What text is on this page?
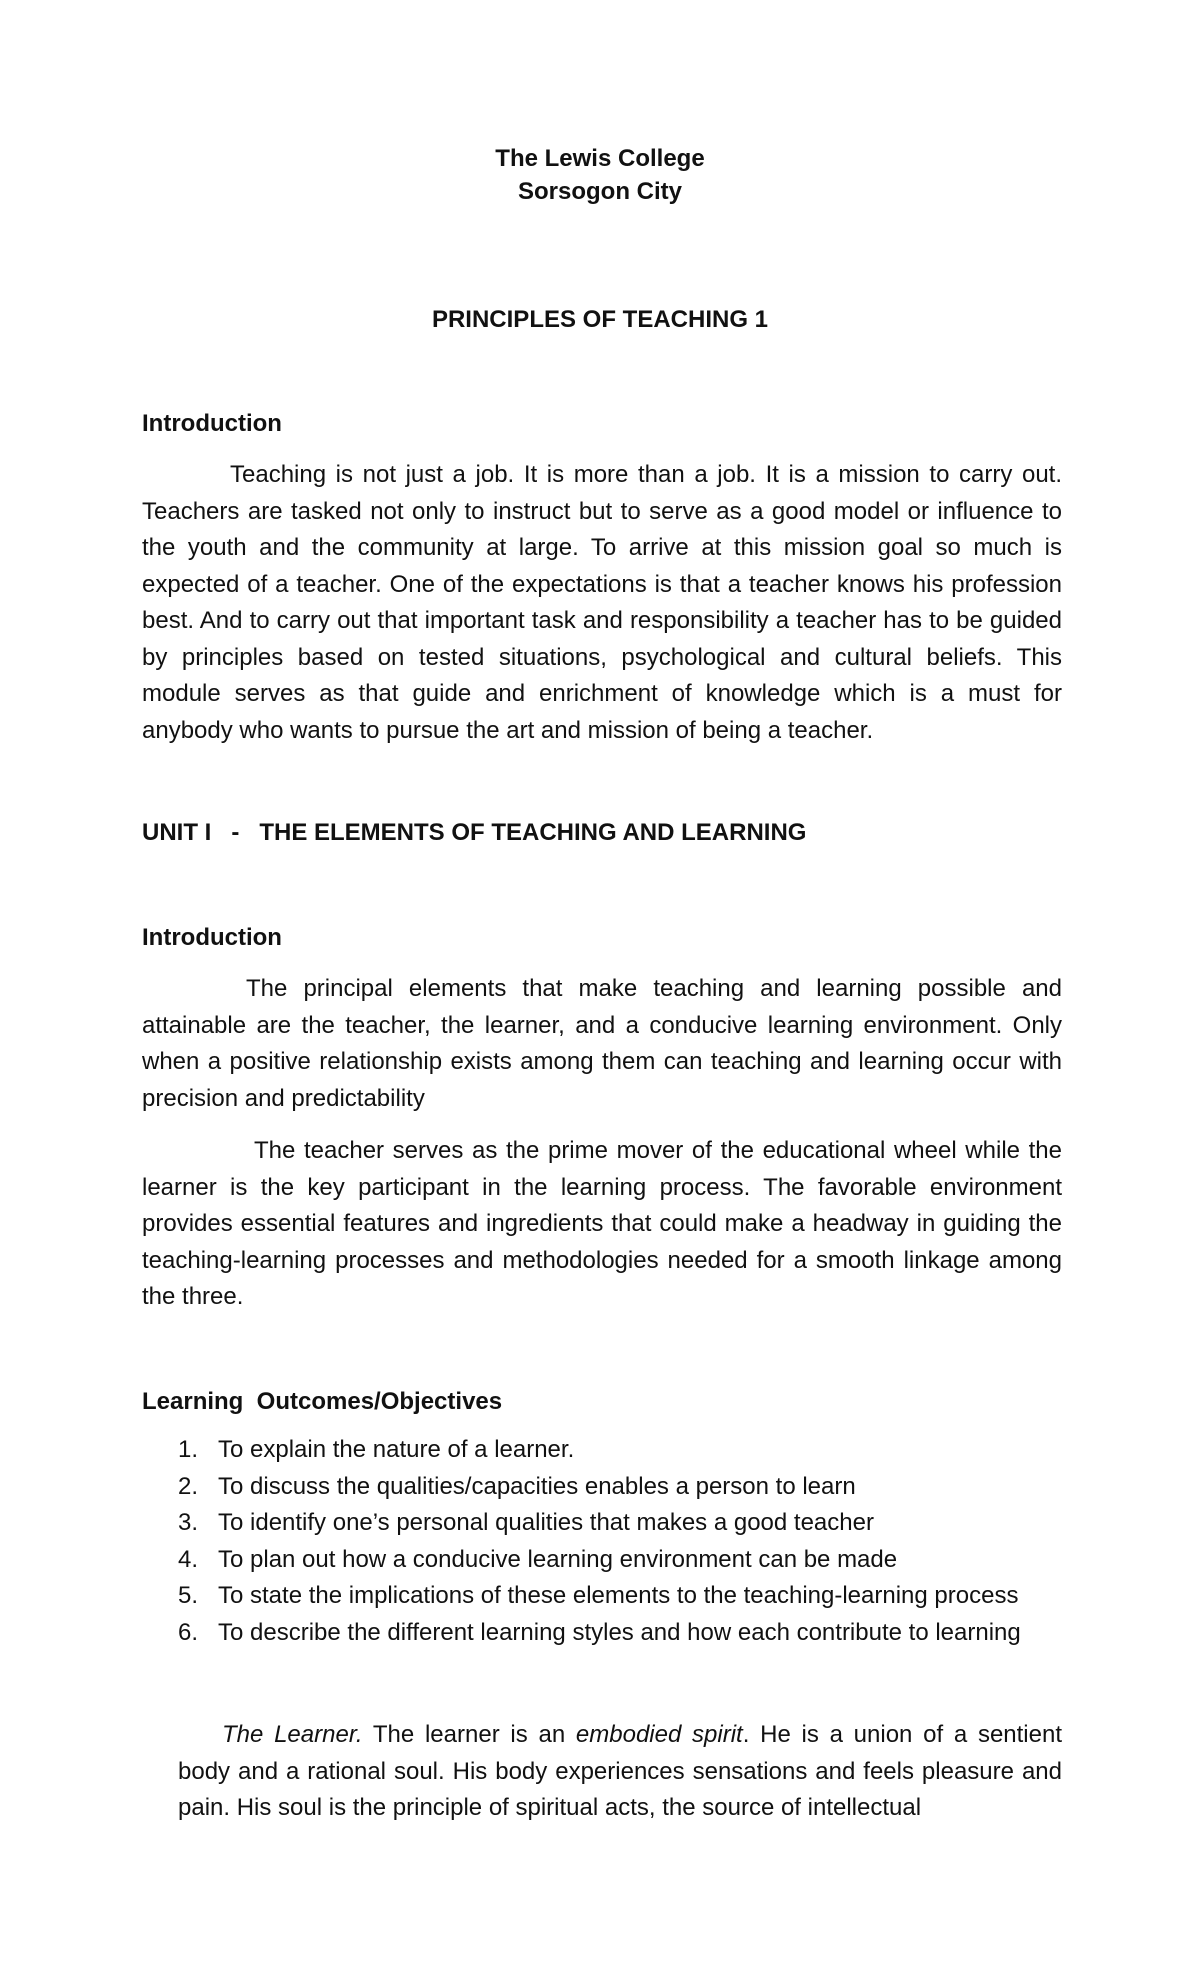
The Lewis College
Sorsogon City
PRINCIPLES OF TEACHING 1
Introduction

Teaching is not just a job. It is more than a job. It is a mission to carry out. Teachers are tasked not only to instruct but to serve as a good model or influence to the youth and the community at large. To arrive at this mission goal so much is expected of a teacher. One of the expectations is that a teacher knows his profession best. And to carry out that important task and responsibility a teacher has to be guided by principles based on tested situations, psychological and cultural beliefs. This module serves as that guide and enrichment of knowledge which is a must for anybody who wants to pursue the art and mission of being a teacher.

UNIT I   -   THE ELEMENTS OF TEACHING AND LEARNING
Introduction

The principal elements that make teaching and learning possible and attainable are the teacher, the learner, and a conducive learning environment. Only when a positive relationship exists among them can teaching and learning occur with precision and predictability

The teacher serves as the prime mover of the educational wheel while the learner is the key participant in the learning process. The favorable environment provides essential features and ingredients that could make a headway in guiding the teaching-learning processes and methodologies needed for a smooth linkage among the three.

Learning  Outcomes/Objectives
1. To explain the nature of a learner.
2. To discuss the qualities/capacities enables a person to learn
3. To identify one’s personal qualities that makes a good teacher
4. To plan out how a conducive learning environment can be made
5. To state the implications of these elements to the teaching-learning process
6. To describe the different learning styles and how each contribute to learning

The Learner. The learner is an embodied spirit. He is a union of a sentient body and a rational soul. His body experiences sensations and feels pleasure and pain. His soul is the principle of spiritual acts, the source of intellectual
